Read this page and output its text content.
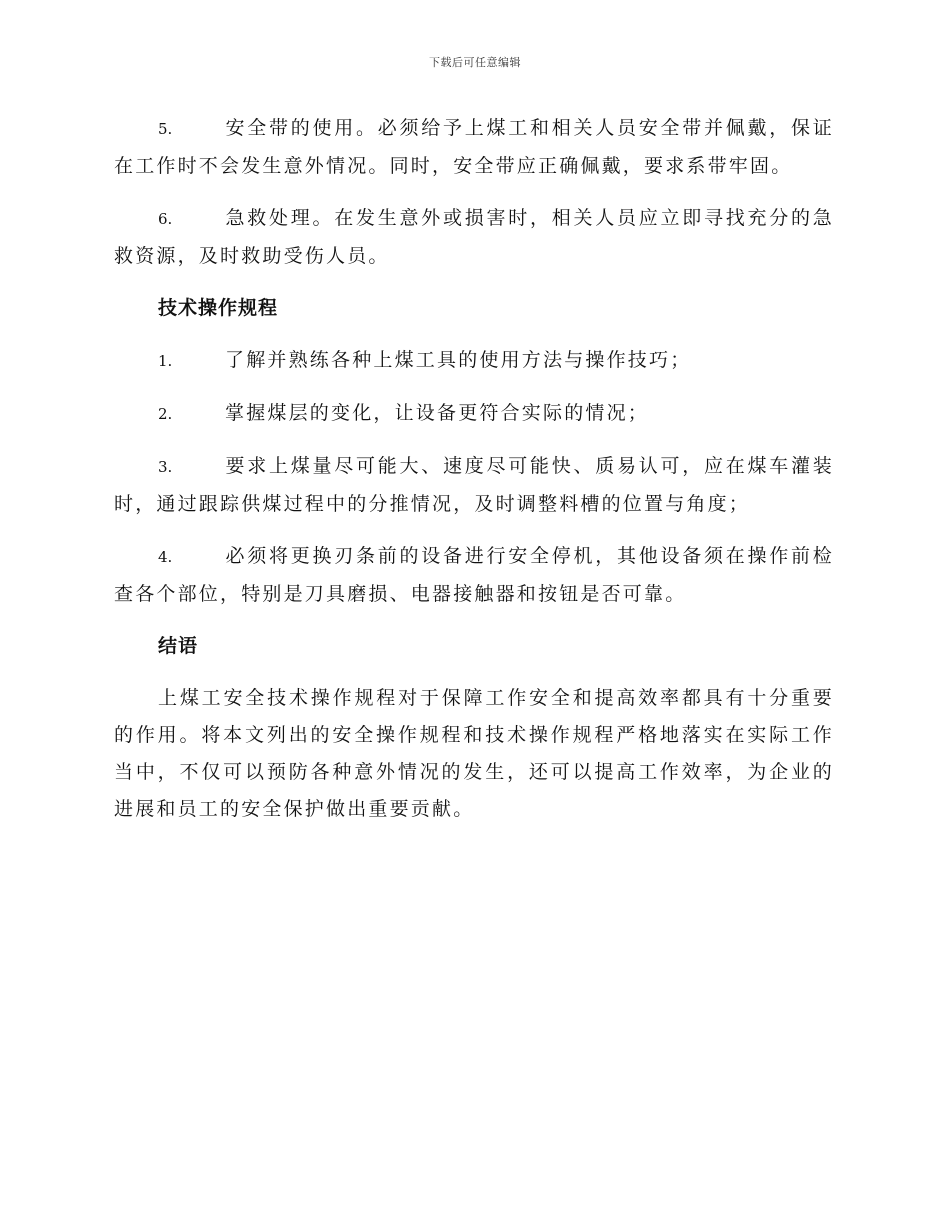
下载后可任意编辑

5.	安全带的使用。必须给予上煤工和相关人员安全带并佩戴，保证在工作时不会发生意外情况。同时，安全带应正确佩戴，要求系带牢固。

6.	急救处理。在发生意外或损害时，相关人员应立即寻找充分的急救资源，及时救助受伤人员。

技术操作规程

1.	了解并熟练各种上煤工具的使用方法与操作技巧；

2.	掌握煤层的变化，让设备更符合实际的情况；

3.	要求上煤量尽可能大、速度尽可能快、质易认可，应在煤车灌装时，通过跟踪供煤过程中的分推情况，及时调整料槽的位置与角度；

4.	必须将更换刃条前的设备进行安全停机，其他设备须在操作前检查各个部位，特别是刀具磨损、电器接触器和按钮是否可靠。

结语

上煤工安全技术操作规程对于保障工作安全和提高效率都具有十分重要的作用。将本文列出的安全操作规程和技术操作规程严格地落实在实际工作当中，不仅可以预防各种意外情况的发生，还可以提高工作效率，为企业的进展和员工的安全保护做出重要贡献。
